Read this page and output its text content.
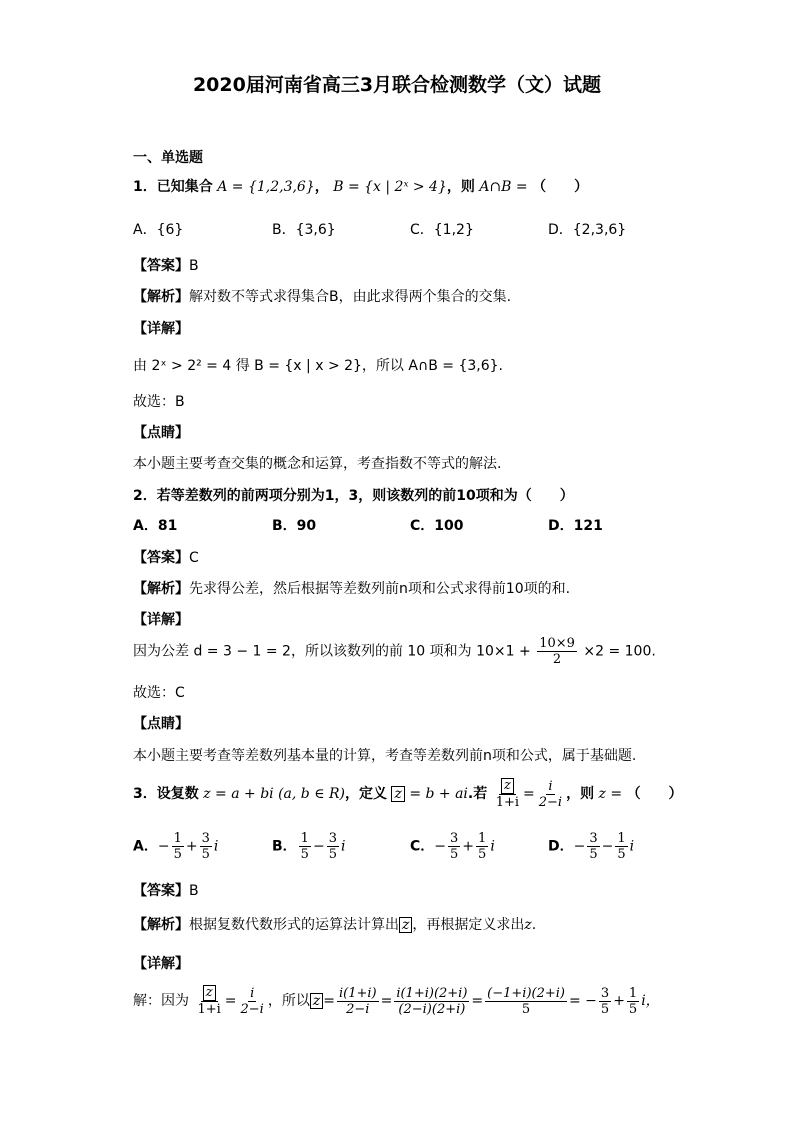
2020届河南省高三3月联合检测数学（文）试题
一、单选题
1．已知集合 A = {1,2,3,6}， B = {x | 2ˣ > 4}，则 A∩B = （　　）
A．{6}	B．{3,6}	C．{1,2}	D．{2,3,6}
【答案】B
【解析】解对数不等式求得集合B，由此求得两个集合的交集.
【详解】
由 2ˣ > 2² = 4 得 B = {x | x > 2}，所以 A∩B = {3,6}.
故选：B
【点睛】
本小题主要考查交集的概念和运算，考查指数不等式的解法.
2．若等差数列的前两项分别为1，3，则该数列的前10项和为（　　）
A．81	B．90	C．100	D．121
【答案】C
【解析】先求得公差，然后根据等差数列前n项和公式求得前10项的和.
【详解】
因为公差 d = 3 − 1 = 2，所以该数列的前 10 项和为 $10\times 1 + \frac{10\times 9}{2} \times 2 = 100$.
故选：C
【点睛】
本小题主要考查等差数列基本量的计算，考查等差数列前n项和公式，属于基础题.
3．设复数 z = a + bi (a, b ∈ R)，定义 z = b + ai.若 $\frac{z}{1+i} = \frac{i}{2-i}$ ，则 z = （　　）
A．− $\frac{1}{5} + \frac{3}{5}$ i	B． $\frac{1}{5} - \frac{3}{5}$ i	C．− $\frac{3}{5} + \frac{1}{5}$ i	D．− $\frac{3}{5} - \frac{1}{5}$ i
【答案】B
【解析】根据复数代数形式的运算法计算出 z ，再根据定义求出z.
【详解】
解：因为 $\frac{z}{1+i} = \frac{i}{2-i}$ ，所以 $z = \frac{i(1+i)}{2-i} = \frac{i(1+i)(2+i)}{(2-i)(2+i)} = \frac{(-1+i)(2+i)}{5}$ = − $\frac{3}{5} + \frac{1}{5}$ i，
